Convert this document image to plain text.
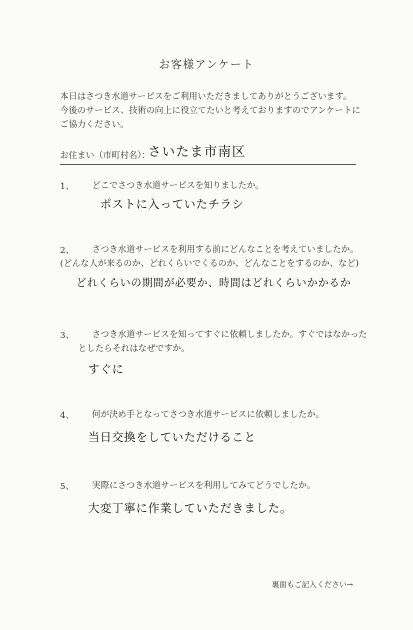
お客様アンケート
本日はさつき水道サービスをご利用いただきましてありがとうございます。
今後のサービス、技術の向上に役立てたいと考えておりますのでアンケートに
ご協力ください。
お住まい（市町村名）：
さいたま市南区
1、 どこでさつき水道サービスを知りましたか。
ポストに入っていたチラシ
2、 さつき水道サービスを利用する前にどんなことを考えていましたか。
(どんな人が来るのか、どれくらいでくるのか、どんなことをするのか、など)
どれくらいの期間が必要か、時間はどれくらいかかるか
3、 さつき水道サービスを知ってすぐに依頼しましたか。すぐではなかった
としたらそれはなぜですか。
すぐに
4、 何が決め手となってさつき水道サービスに依頼しましたか。
当日交換をしていただけること
5、 実際にさつき水道サービスを利用してみてどうでしたか。
大変丁寧に作業していただきました。
裏面もご記入ください→
